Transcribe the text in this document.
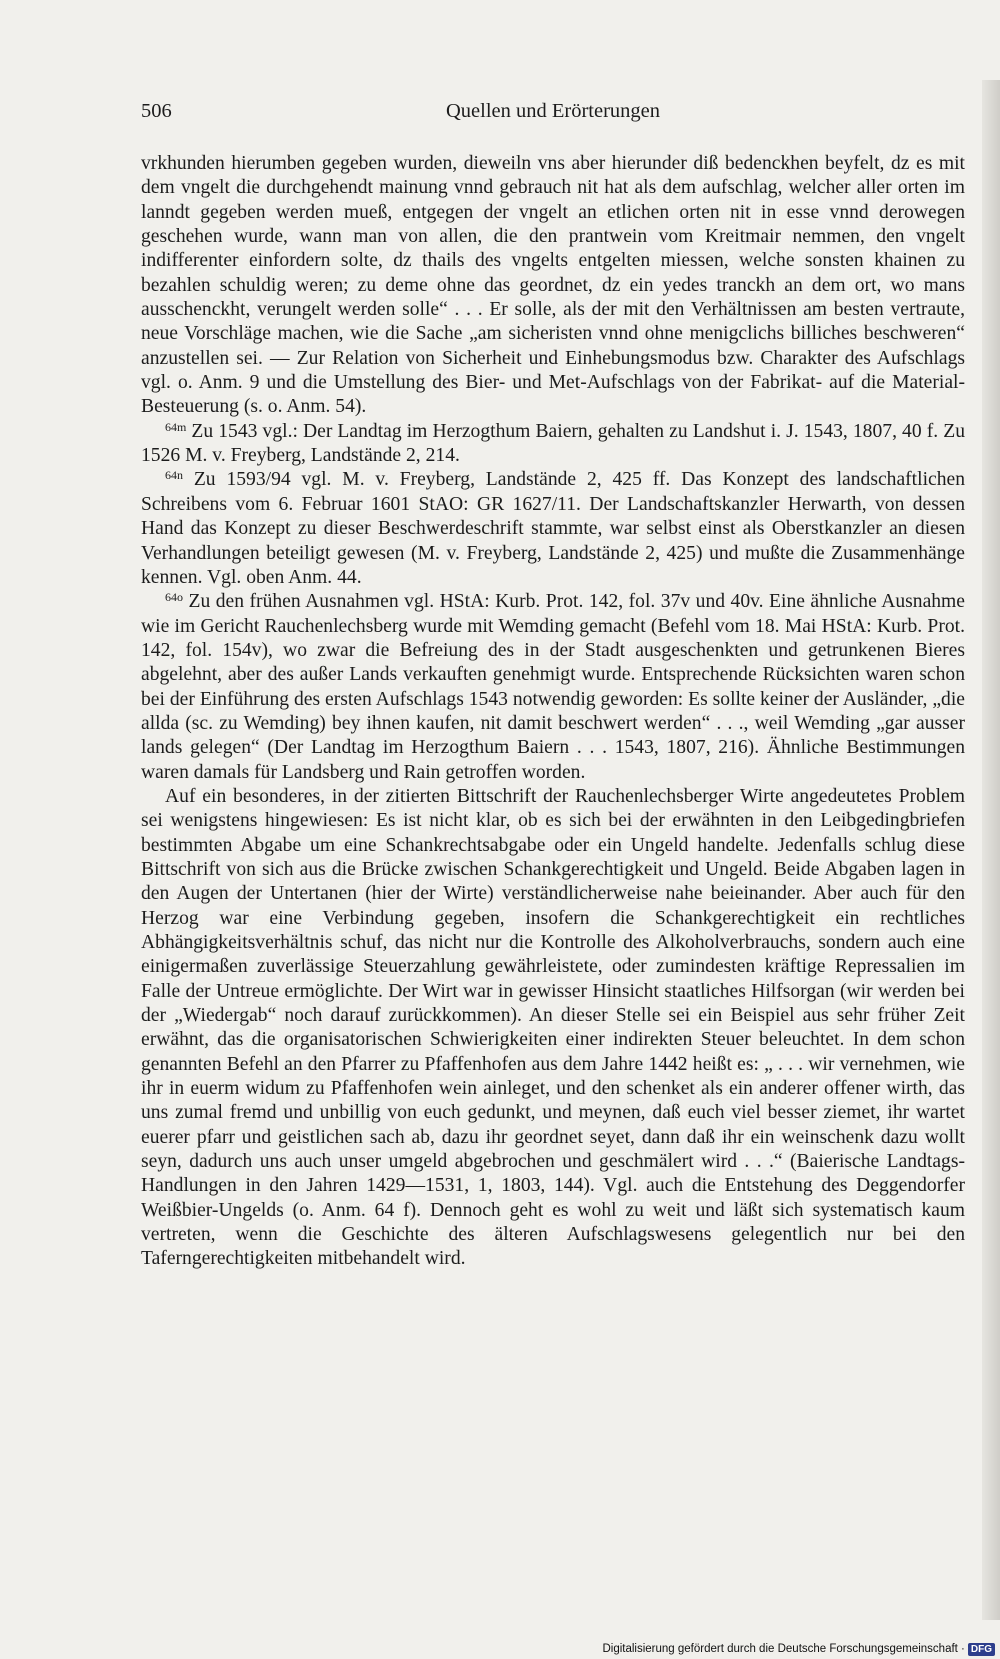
506	Quellen und Erörterungen

vrkhunden hierumben gegeben wurden, dieweiln vns aber hierunder diß bedenckhen beyfelt, dz es mit dem vngelt die durchgehendt mainung vnnd gebrauch nit hat als dem aufschlag, welcher aller orten im lanndt gegeben werden mueß, entgegen der vngelt an etlichen orten nit in esse vnnd derowegen geschehen wurde, wann man von allen, die den prantwein vom Kreitmair nemmen, den vngelt indifferenter einfordern solte, dz thails des vngelts entgelten miessen, welche sonsten khainen zu bezahlen schuldig weren; zu deme ohne das geordnet, dz ein yedes tranckh an dem ort, wo mans ausschenckht, verungelt werden solle“ . . . Er solle, als der mit den Verhältnissen am besten vertraute, neue Vorschläge machen, wie die Sache „am sicheristen vnnd ohne menigclichs billiches beschweren“ anzustellen sei. — Zur Relation von Sicherheit und Einhebungsmodus bzw. Charakter des Aufschlags vgl. o. Anm. 9 und die Umstellung des Bier- und Met-Aufschlags von der Fabrikat- auf die Material-Besteuerung (s. o. Anm. 54).

$^{64m}$ Zu 1543 vgl.: Der Landtag im Herzogthum Baiern, gehalten zu Landshut i. J. 1543, 1807, 40 f. Zu 1526 M. v. Freyberg, Landstände 2, 214.

$^{64n}$ Zu 1593/94 vgl. M. v. Freyberg, Landstände 2, 425 ff. Das Konzept des landschaftlichen Schreibens vom 6. Februar 1601 StAO: GR 1627/11. Der Landschaftskanzler Herwarth, von dessen Hand das Konzept zu dieser Beschwerdeschrift stammte, war selbst einst als Oberstkanzler an diesen Verhandlungen beteiligt gewesen (M. v. Freyberg, Landstände 2, 425) und mußte die Zusammenhänge kennen. Vgl. oben Anm. 44.

$^{64o}$ Zu den frühen Ausnahmen vgl. HStA: Kurb. Prot. 142, fol. 37v und 40v. Eine ähnliche Ausnahme wie im Gericht Rauchenlechsberg wurde mit Wemding gemacht (Befehl vom 18. Mai HStA: Kurb. Prot. 142, fol. 154v), wo zwar die Befreiung des in der Stadt ausgeschenkten und getrunkenen Bieres abgelehnt, aber des außer Lands verkauften genehmigt wurde. Entsprechende Rücksichten waren schon bei der Einführung des ersten Aufschlags 1543 notwendig geworden: Es sollte keiner der Ausländer, „die allda (sc. zu Wemding) bey ihnen kaufen, nit damit beschwert werden“ . . ., weil Wemding „gar ausser lands gelegen“ (Der Landtag im Herzogthum Baiern . . . 1543, 1807, 216). Ähnliche Bestimmungen waren damals für Landsberg und Rain getroffen worden.

Auf ein besonderes, in der zitierten Bittschrift der Rauchenlechsberger Wirte angedeutetes Problem sei wenigstens hingewiesen: Es ist nicht klar, ob es sich bei der erwähnten in den Leibgedingbriefen bestimmten Abgabe um eine Schankrechtsabgabe oder ein Ungeld handelte. Jedenfalls schlug diese Bittschrift von sich aus die Brücke zwischen Schankgerechtigkeit und Ungeld. Beide Abgaben lagen in den Augen der Untertanen (hier der Wirte) verständlicherweise nahe beieinander. Aber auch für den Herzog war eine Verbindung gegeben, insofern die Schankgerechtigkeit ein rechtliches Abhängigkeitsverhältnis schuf, das nicht nur die Kontrolle des Alkoholverbrauchs, sondern auch eine einigermaßen zuverlässige Steuerzahlung gewährleistete, oder zumindesten kräftige Repressalien im Falle der Untreue ermöglichte. Der Wirt war in gewisser Hinsicht staatliches Hilfsorgan (wir werden bei der „Wiedergab“ noch darauf zurückkommen). An dieser Stelle sei ein Beispiel aus sehr früher Zeit erwähnt, das die organisatorischen Schwierigkeiten einer indirekten Steuer beleuchtet. In dem schon genannten Befehl an den Pfarrer zu Pfaffenhofen aus dem Jahre 1442 heißt es: „ . . . wir vernehmen, wie ihr in euerm widum zu Pfaffenhofen wein ainleget, und den schenket als ein anderer offener wirth, das uns zumal fremd und unbillig von euch gedunkt, und meynen, daß euch viel besser ziemet, ihr wartet euerer pfarr und geistlichen sach ab, dazu ihr geordnet seyet, dann daß ihr ein weinschenk dazu wollt seyn, dadurch uns auch unser umgeld abgebrochen und geschmälert wird . . .“ (Baierische Landtags-Handlungen in den Jahren 1429—1531, 1, 1803, 144). Vgl. auch die Entstehung des Deggendorfer Weißbier-Ungelds (o. Anm. 64 f). Dennoch geht es wohl zu weit und läßt sich systematisch kaum vertreten, wenn die Geschichte des älteren Aufschlagswesens gelegentlich nur bei den Taferngerechtigkeiten mitbehandelt wird.

Digitalisierung gefördert durch die Deutsche Forschungsgemeinschaft · DFG
